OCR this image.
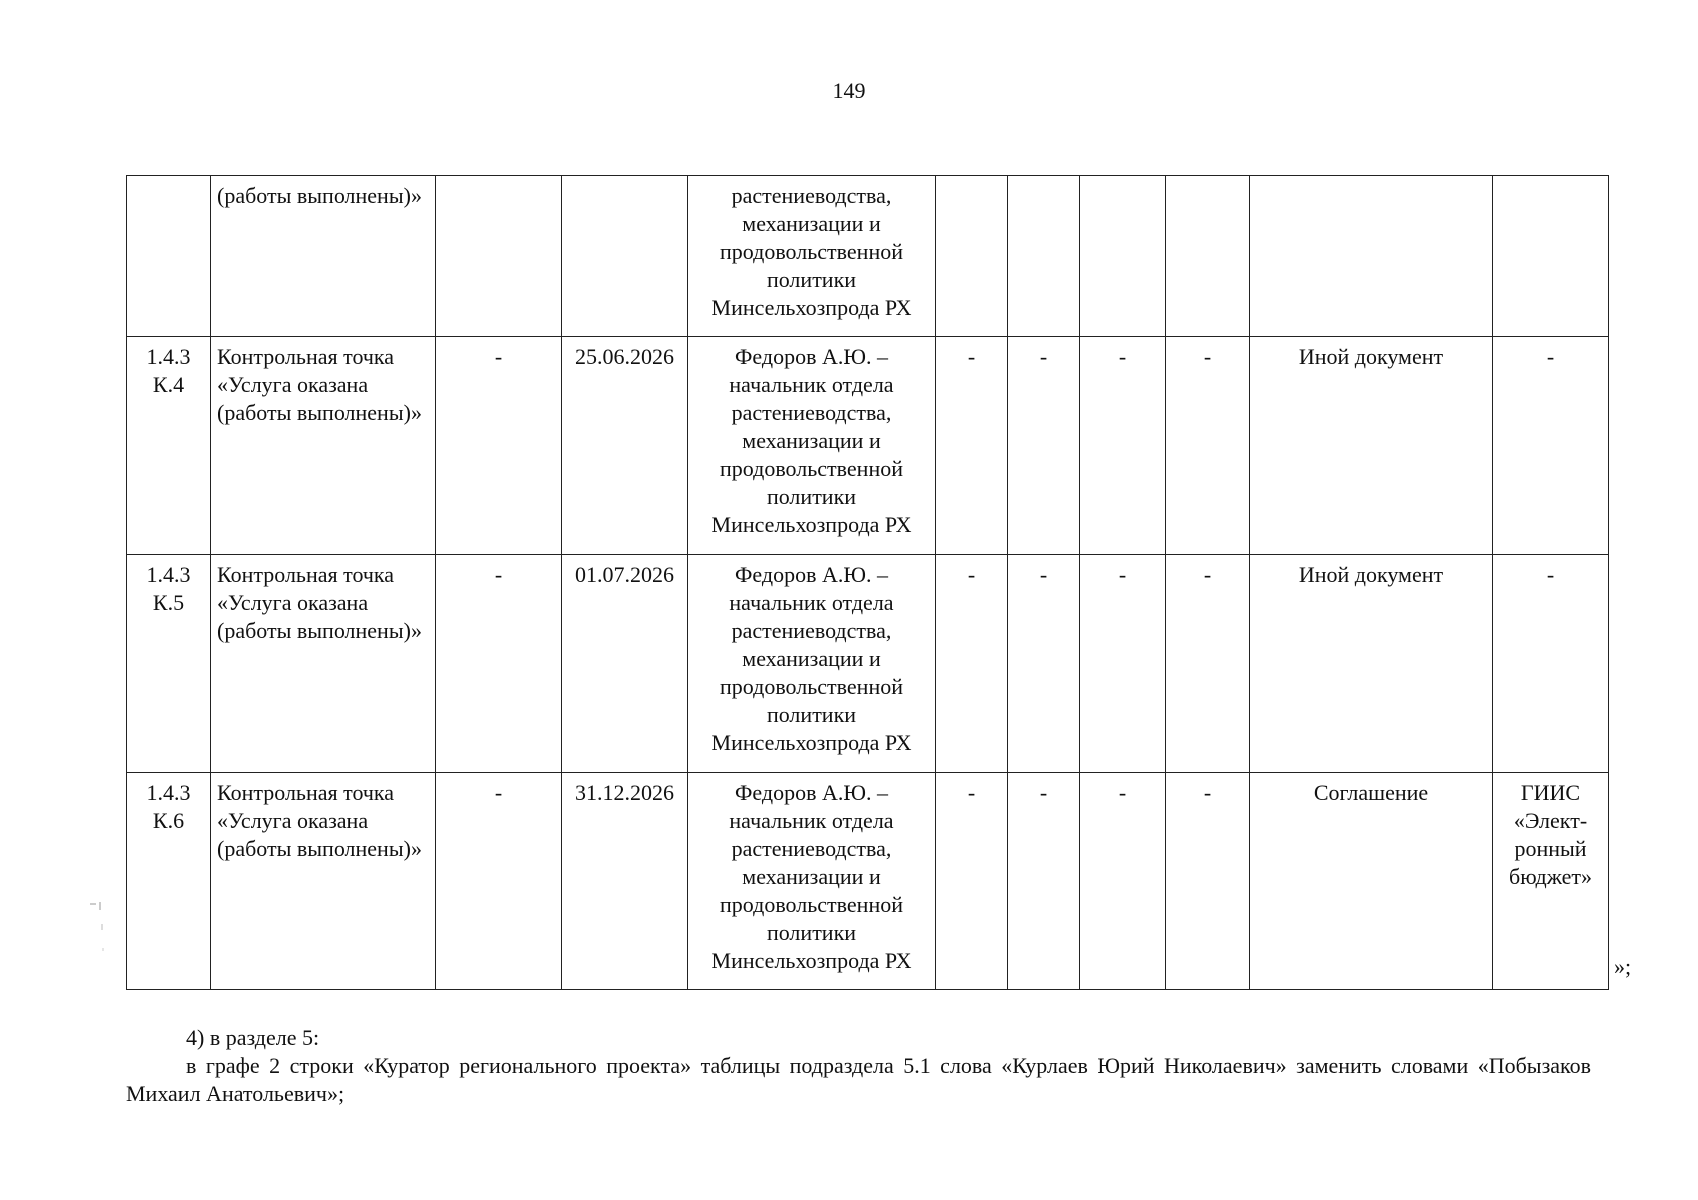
149
	(работы выполнены)»			растениеводства, механизации и продовольственной политики Минсельхозпрода РХ						
1.4.3 К.4	Контрольная точка «Услуга оказана (работы выполнены)»	-	25.06.2026	Федоров А.Ю. – начальник отдела растениеводства, механизации и продовольственной политики Минсельхозпрода РХ	-	-	-	-	Иной документ	-
1.4.3 К.5	Контрольная точка «Услуга оказана (работы выполнены)»	-	01.07.2026	Федоров А.Ю. – начальник отдела растениеводства, механизации и продовольственной политики Минсельхозпрода РХ	-	-	-	-	Иной документ	-
1.4.3 К.6	Контрольная точка «Услуга оказана (работы выполнены)»	-	31.12.2026	Федоров А.Ю. – начальник отдела растениеводства, механизации и продовольственной политики Минсельхозпрода РХ	-	-	-	-	Соглашение	ГИИС «Элект-ронный бюджет»
»;
4) в разделе 5:
в графе 2 строки «Куратор регионального проекта» таблицы подраздела 5.1 слова «Курлаев Юрий Николаевич» заменить словами «Побызаков Михаил Анатольевич»;
